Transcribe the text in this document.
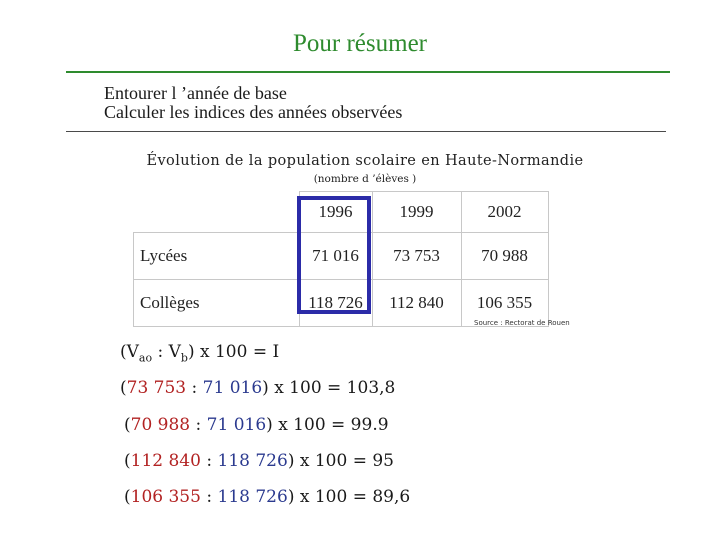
Pour résumer
Entourer l ’année de base
Calculer les indices des années observées
Évolution de la population scolaire en Haute-Normandie
(nombre d ’élèves )
	1996	1999	2002
Lycées	71 016	73 753	70 988
Collèges	118 726	112 840	106 355
Source : Rectorat de Rouen
($V_{ao}$ : $V_b$) x 100 = I
(73 753 : 71 016) x 100 = 103,8
(70 988 : 71 016) x 100 = 99.9
(112 840 : 118 726) x 100 = 95
(106 355 : 118 726) x 100 = 89,6
